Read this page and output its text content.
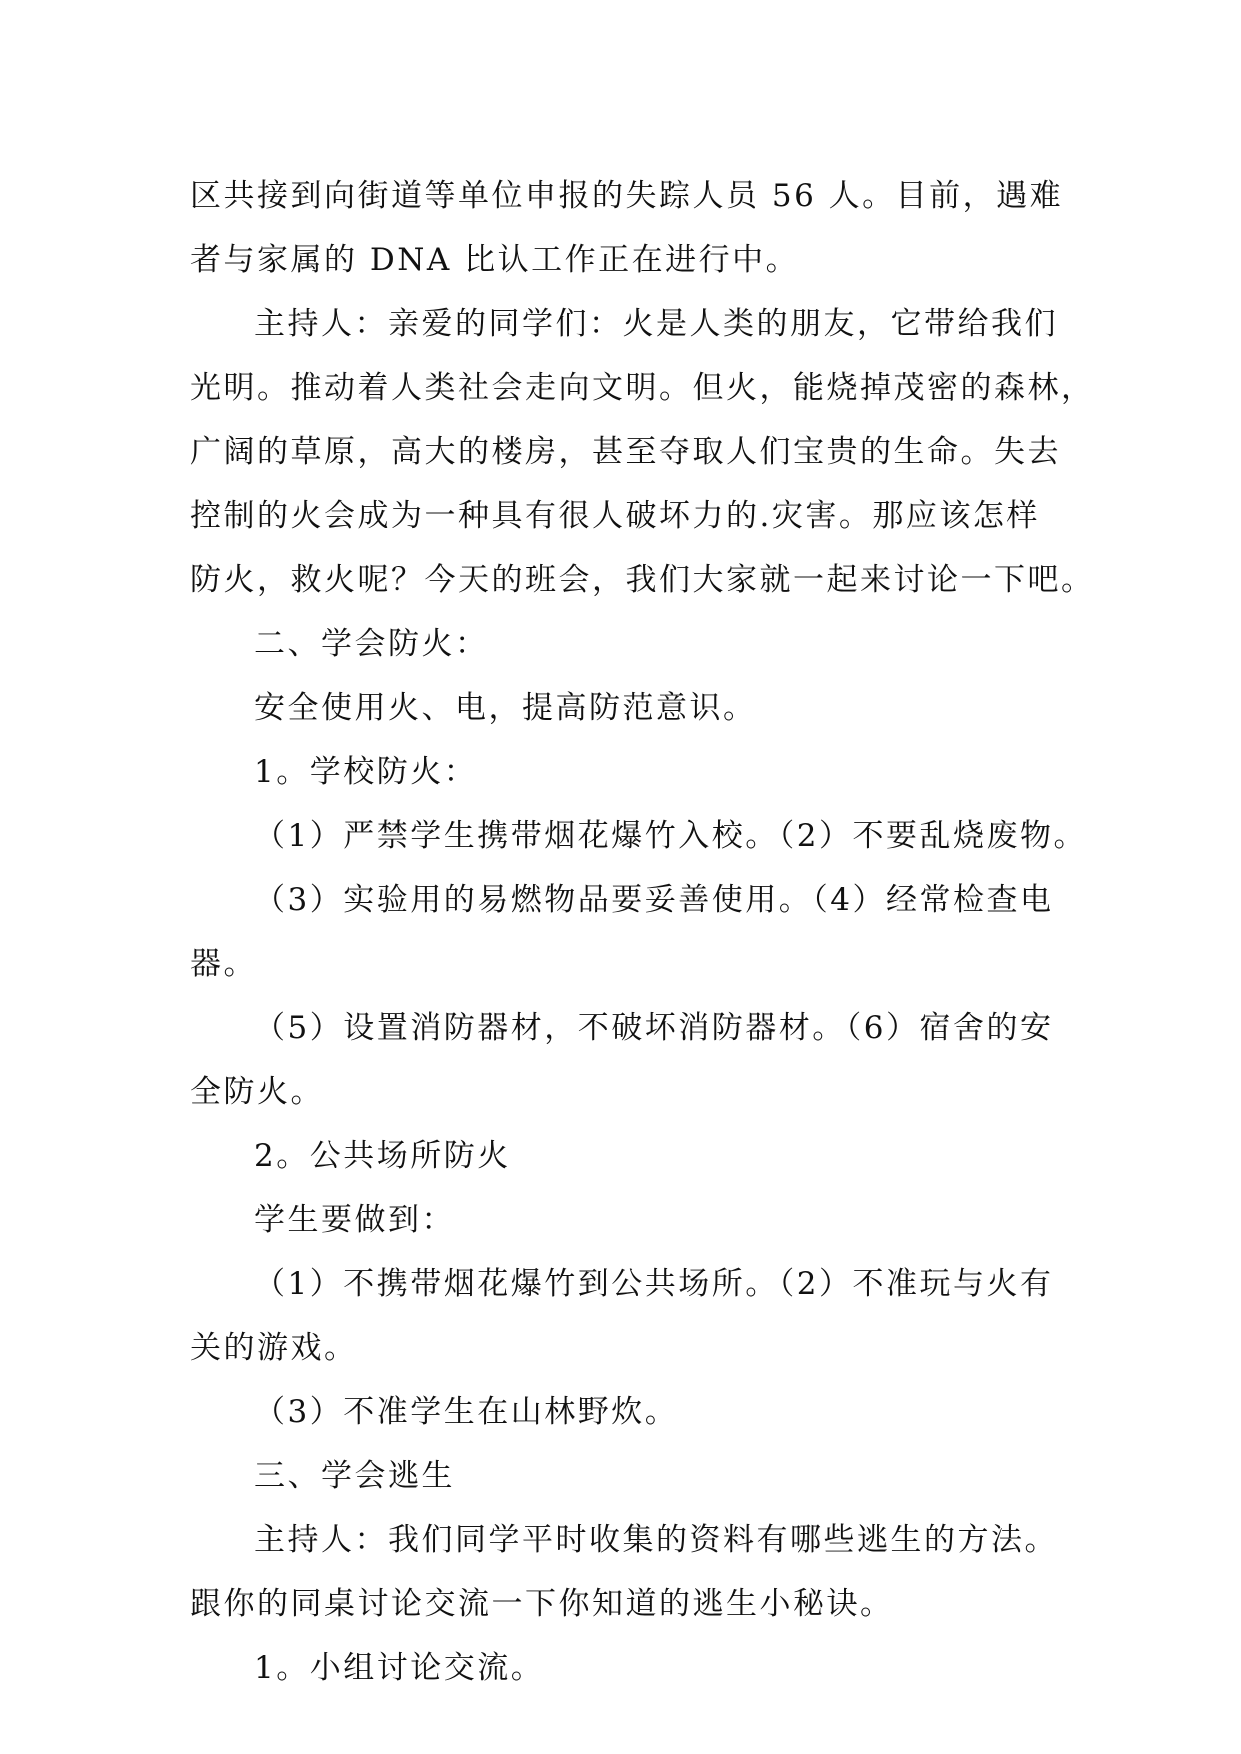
区共接到向街道等单位申报的失踪人员 56 人。目前，遇难
者与家属的 DNA 比认工作正在进行中。
主持人：亲爱的同学们：火是人类的朋友，它带给我们
光明。推动着人类社会走向文明。但火，能烧掉茂密的森林，
广阔的草原，高大的楼房，甚至夺取人们宝贵的生命。失去
控制的火会成为一种具有很人破坏力的.灾害。那应该怎样
防火，救火呢？今天的班会，我们大家就一起来讨论一下吧。
二、学会防火：
安全使用火、电，提高防范意识。
1。学校防火：
（1）严禁学生携带烟花爆竹入校。（2）不要乱烧废物。
（3）实验用的易燃物品要妥善使用。（4）经常检查电
器。
（5）设置消防器材，不破坏消防器材。（6）宿舍的安
全防火。
2。公共场所防火
学生要做到：
（1）不携带烟花爆竹到公共场所。（2）不准玩与火有
关的游戏。
（3）不准学生在山林野炊。
三、学会逃生
主持人：我们同学平时收集的资料有哪些逃生的方法。
跟你的同桌讨论交流一下你知道的逃生小秘诀。
1。小组讨论交流。
